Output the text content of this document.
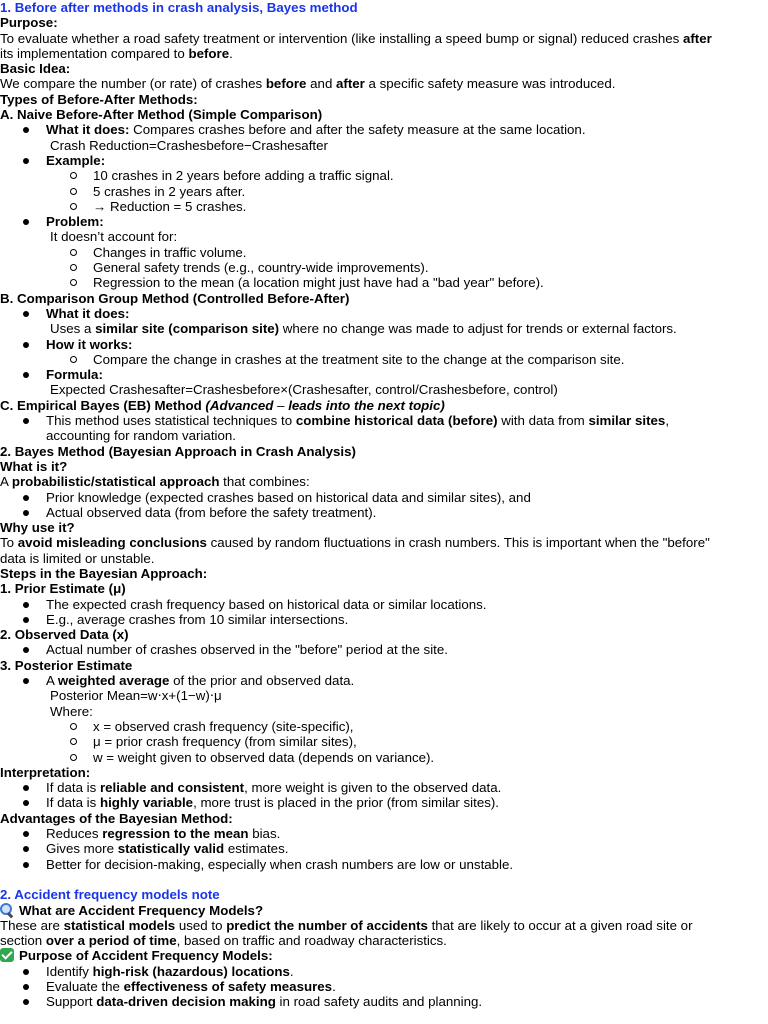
1. Before after methods in crash analysis, Bayes method
Purpose:
To evaluate whether a road safety treatment or intervention (like installing a speed bump or signal) reduced crashes after
its implementation compared to before.
Basic Idea:
We compare the number (or rate) of crashes before and after a specific safety measure was introduced.
Types of Before-After Methods:
A. Naive Before-After Method (Simple Comparison)
What it does: Compares crashes before and after the safety measure at the same location.
Crash Reduction=Crashesbefore−Crashesafter
Example:
10 crashes in 2 years before adding a traffic signal.
5 crashes in 2 years after.
→ Reduction = 5 crashes.
Problem:
It doesn’t account for:
Changes in traffic volume.
General safety trends (e.g., country-wide improvements).
Regression to the mean (a location might just have had a "bad year" before).
B. Comparison Group Method (Controlled Before-After)
What it does:
Uses a similar site (comparison site) where no change was made to adjust for trends or external factors.
How it works:
Compare the change in crashes at the treatment site to the change at the comparison site.
Formula:
Expected Crashesafter=Crashesbefore×(Crashesafter, control/Crashesbefore, control)
C. Empirical Bayes (EB) Method (Advanced – leads into the next topic)
This method uses statistical techniques to combine historical data (before) with data from similar sites,
accounting for random variation.
2. Bayes Method (Bayesian Approach in Crash Analysis)
What is it?
A probabilistic/statistical approach that combines:
Prior knowledge (expected crashes based on historical data and similar sites), and
Actual observed data (from before the safety treatment).
Why use it?
To avoid misleading conclusions caused by random fluctuations in crash numbers. This is important when the "before"
data is limited or unstable.
Steps in the Bayesian Approach:
1. Prior Estimate (μ)
The expected crash frequency based on historical data or similar locations.
E.g., average crashes from 10 similar intersections.
2. Observed Data (x)
Actual number of crashes observed in the "before" period at the site.
3. Posterior Estimate
A weighted average of the prior and observed data.
Posterior Mean=w⋅x+(1−w)⋅μ
Where:
x = observed crash frequency (site-specific),
μ = prior crash frequency (from similar sites),
w = weight given to observed data (depends on variance).
Interpretation:
If data is reliable and consistent, more weight is given to the observed data.
If data is highly variable, more trust is placed in the prior (from similar sites).
Advantages of the Bayesian Method:
Reduces regression to the mean bias.
Gives more statistically valid estimates.
Better for decision-making, especially when crash numbers are low or unstable.
2. Accident frequency models note
What are Accident Frequency Models?
These are statistical models used to predict the number of accidents that are likely to occur at a given road site or
section over a period of time, based on traffic and roadway characteristics.
Purpose of Accident Frequency Models:
Identify high-risk (hazardous) locations.
Evaluate the effectiveness of safety measures.
Support data-driven decision making in road safety audits and planning.
